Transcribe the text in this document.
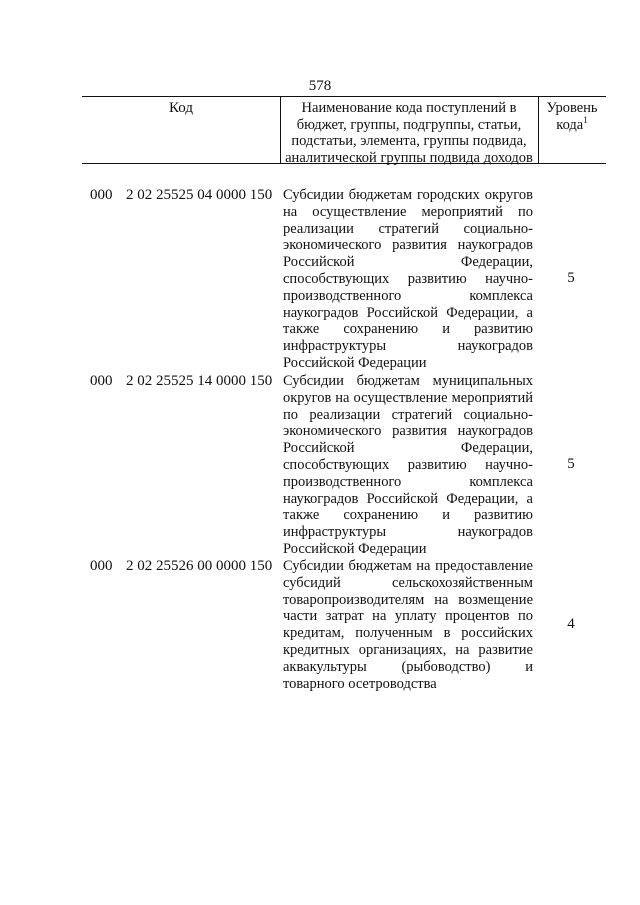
578
Код	Наименование кода поступлений в
бюджет, группы, подгруппы, статьи,
подстатьи, элемента, группы подвида,
аналитической группы подвида доходов
Уровень
кода$^1$
000 2 02 25525 04 0000 150 Субсидии бюджетам городских округов
на осуществление мероприятий по
реализации стратегий социально-
экономического развития наукоградов
Российской Федерации,
способствующих развитию научно-
производственного комплекса
наукоградов Российской Федерации, а
также сохранению и развитию
инфраструктуры наукоградов
Российской Федерации
5
000 2 02 25525 14 0000 150 Субсидии бюджетам муниципальных
округов на осуществление мероприятий
по реализации стратегий социально-
экономического развития наукоградов
Российской Федерации,
способствующих развитию научно-
производственного комплекса
наукоградов Российской Федерации, а
также сохранению и развитию
инфраструктуры наукоградов
Российской Федерации
5
000 2 02 25526 00 0000 150 Субсидии бюджетам на предоставление
субсидий сельскохозяйственным
товаропроизводителям на возмещение
части затрат на уплату процентов по
кредитам, полученным в российских
кредитных организациях, на развитие
аквакультуры (рыбоводство) и
товарного осетроводства
4
